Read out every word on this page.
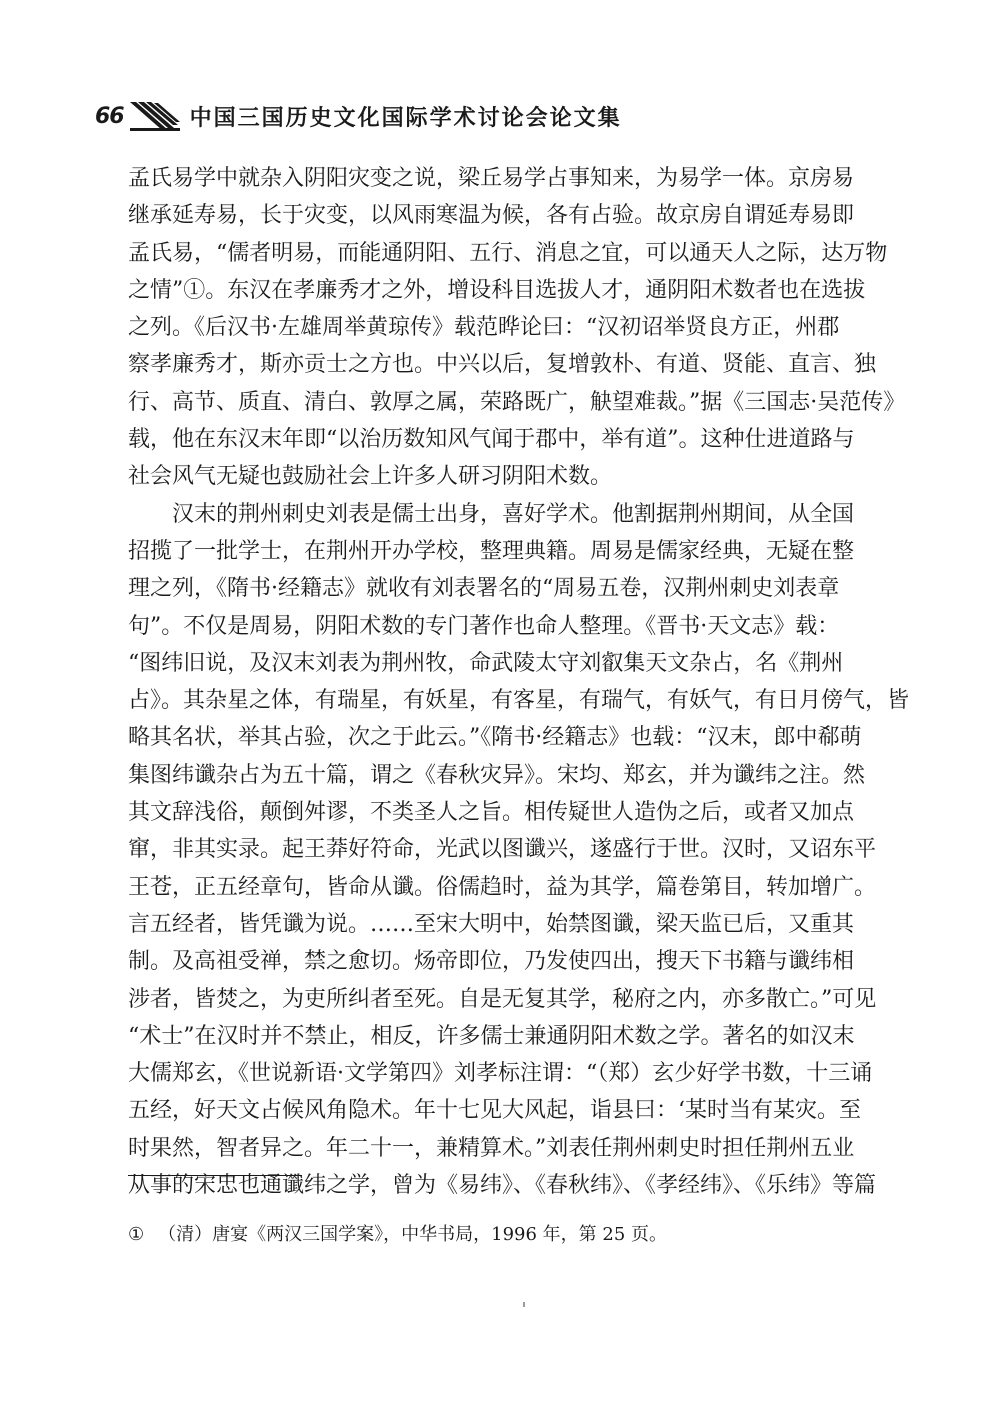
66	中国三国历史文化国际学术讨论会论文集
孟氏易学中就杂入阴阳灾变之说，梁丘易学占事知来，为易学一体。京房易
继承延寿易，长于灾变，以风雨寒温为候，各有占验。故京房自谓延寿易即
孟氏易，“儒者明易，而能通阴阳、五行、消息之宜，可以通天人之际，达万物
之情”①。东汉在孝廉秀才之外，增设科目选拔人才，通阴阳术数者也在选拔
之列。《后汉书·左雄周举黄琼传》载范晔论曰：“汉初诏举贤良方正，州郡
察孝廉秀才，斯亦贡士之方也。中兴以后，复增敦朴、有道、贤能、直言、独
行、高节、质直、清白、敦厚之属，荣路既广，觖望难裁。”据《三国志·吴范传》
载，他在东汉末年即“以治历数知风气闻于郡中，举有道”。这种仕进道路与
社会风气无疑也鼓励社会上许多人研习阴阳术数。
汉末的荆州刺史刘表是儒士出身，喜好学术。他割据荆州期间，从全国
招揽了一批学士，在荆州开办学校，整理典籍。周易是儒家经典，无疑在整
理之列，《隋书·经籍志》就收有刘表署名的“周易五卷，汉荆州刺史刘表章
句”。不仅是周易，阴阳术数的专门著作也命人整理。《晋书·天文志》载：
“图纬旧说，及汉末刘表为荆州牧，命武陵太守刘叡集天文杂占，名《荆州
占》。其杂星之体，有瑞星，有妖星，有客星，有瑞气，有妖气，有日月傍气，皆
略其名状，举其占验，次之于此云。”《隋书·经籍志》也载：“汉末，郎中郗萌
集图纬谶杂占为五十篇，谓之《春秋灾异》。宋均、郑玄，并为谶纬之注。然
其文辞浅俗，颠倒舛谬，不类圣人之旨。相传疑世人造伪之后，或者又加点
窜，非其实录。起王莽好符命，光武以图谶兴，遂盛行于世。汉时，又诏东平
王苍，正五经章句，皆命从谶。俗儒趋时，益为其学，篇卷第目，转加增广。
言五经者，皆凭谶为说。……至宋大明中，始禁图谶，梁天监已后，又重其
制。及高祖受禅，禁之愈切。炀帝即位，乃发使四出，搜天下书籍与谶纬相
涉者，皆焚之，为吏所纠者至死。自是无复其学，秘府之内，亦多散亡。”可见
“术士”在汉时并不禁止，相反，许多儒士兼通阴阳术数之学。著名的如汉末
大儒郑玄，《世说新语·文学第四》刘孝标注谓：“（郑）玄少好学书数，十三诵
五经，好天文占候风角隐术。年十七见大风起，诣县曰：‘某时当有某灾。至
时果然，智者异之。年二十一，兼精算术。”刘表任荆州刺史时担任荆州五业
从事的宋忠也通谶纬之学，曾为《易纬》、《春秋纬》、《孝经纬》、《乐纬》等篇
① （清）唐宴《两汉三国学案》，中华书局，1996 年，第 25 页。
